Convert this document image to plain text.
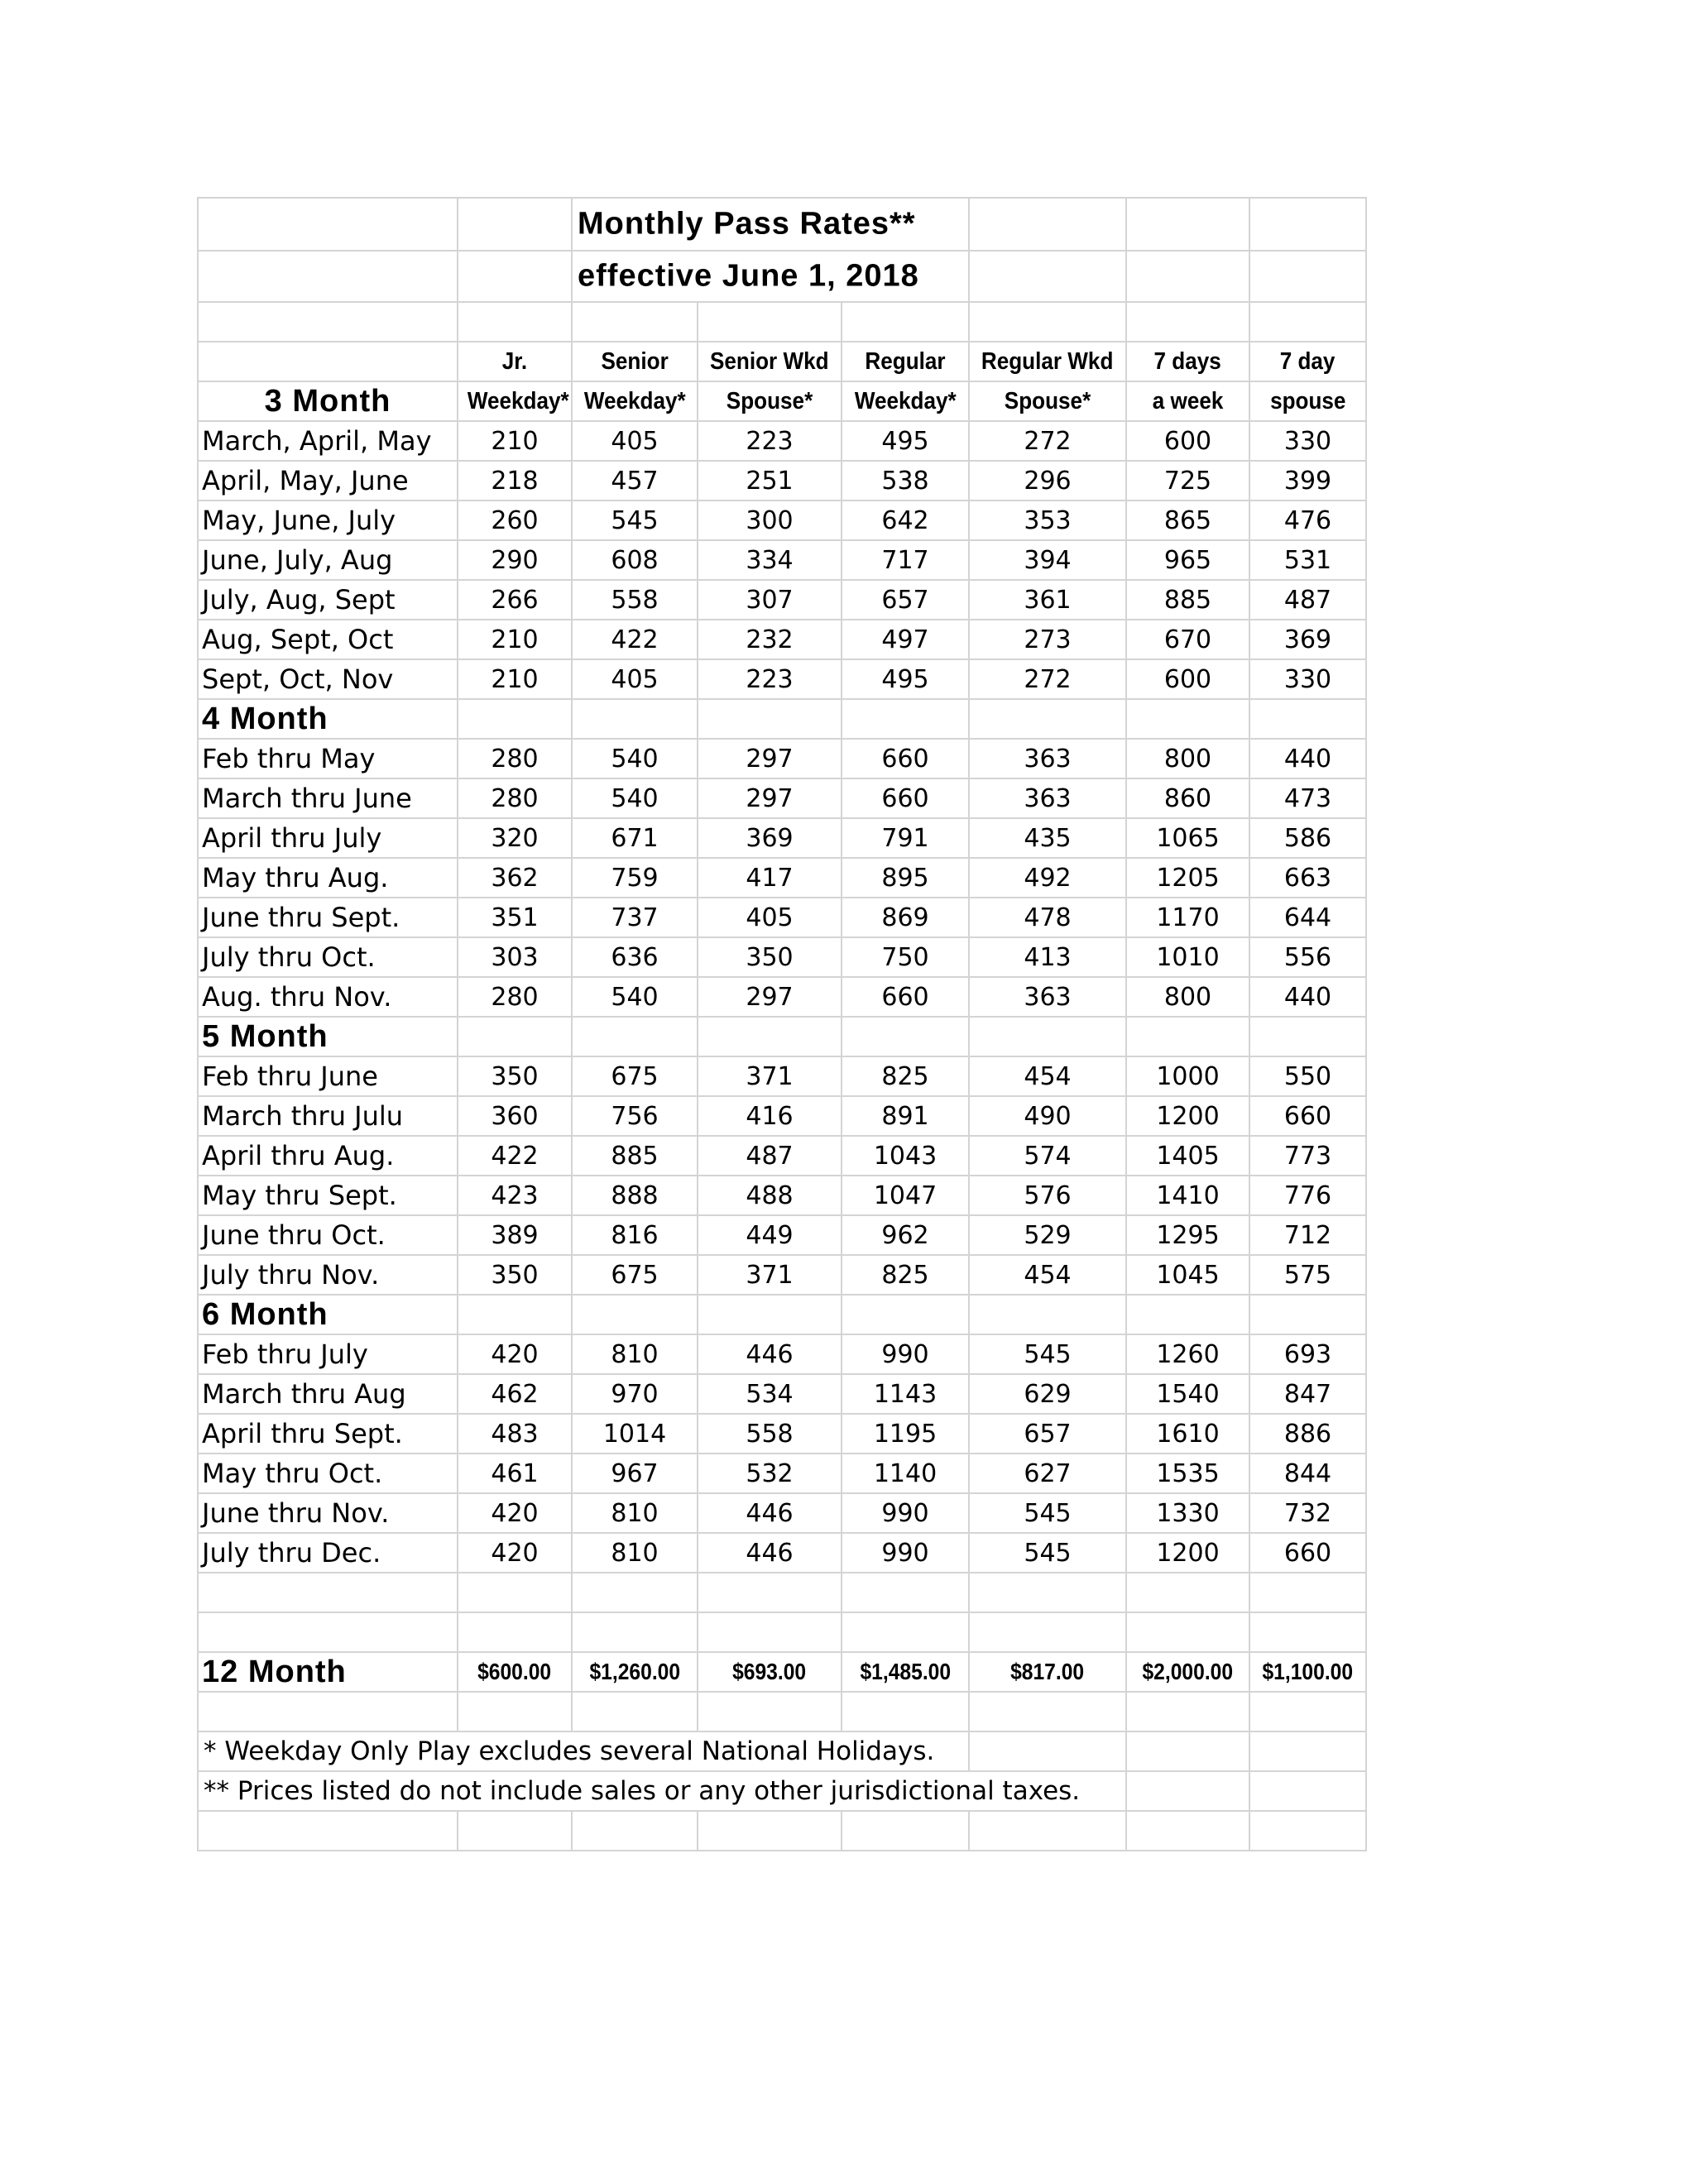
		Monthly Pass Rates**					

		effective June 1, 2018					

	Jr.	Senior	Senior Wkd	Regular	Regular Wkd	7 days	7 day
3 Month	Weekday*	Weekday*	Spouse*	Weekday*	Spouse*	a week	spouse
March, April, May	210	405	223	495	272	600	330
April, May, June	218	457	251	538	296	725	399
May, June, July	260	545	300	642	353	865	476
June, July, Aug	290	608	334	717	394	965	531
July, Aug, Sept	266	558	307	657	361	885	487
Aug, Sept, Oct	210	422	232	497	273	670	369
Sept, Oct, Nov	210	405	223	495	272	600	330
4 Month							
Feb thru May	280	540	297	660	363	800	440
March thru June	280	540	297	660	363	860	473
April thru July	320	671	369	791	435	1065	586
May thru Aug.	362	759	417	895	492	1205	663
June thru Sept.	351	737	405	869	478	1170	644
July thru Oct.	303	636	350	750	413	1010	556
Aug. thru Nov.	280	540	297	660	363	800	440
5 Month							
Feb thru June	350	675	371	825	454	1000	550
March thru Julu	360	756	416	891	490	1200	660
April thru Aug.	422	885	487	1043	574	1405	773
May thru Sept.	423	888	488	1047	576	1410	776
June thru Oct.	389	816	449	962	529	1295	712
July thru Nov.	350	675	371	825	454	1045	575
6 Month							
Feb thru July	420	810	446	990	545	1260	693
March thru Aug	462	970	534	1143	629	1540	847
April thru Sept.	483	1014	558	1195	657	1610	886
May thru Oct.	461	967	532	1140	627	1535	844
June thru Nov.	420	810	446	990	545	1330	732
July thru Dec.	420	810	446	990	545	1200	660

12 Month	$600.00	$1,260.00	$693.00	$1,485.00	$817.00	$2,000.00	$1,100.00

* Weekday Only Play excludes several National Holidays.							

** Prices listed do not include sales or any other jurisdictional taxes.							
